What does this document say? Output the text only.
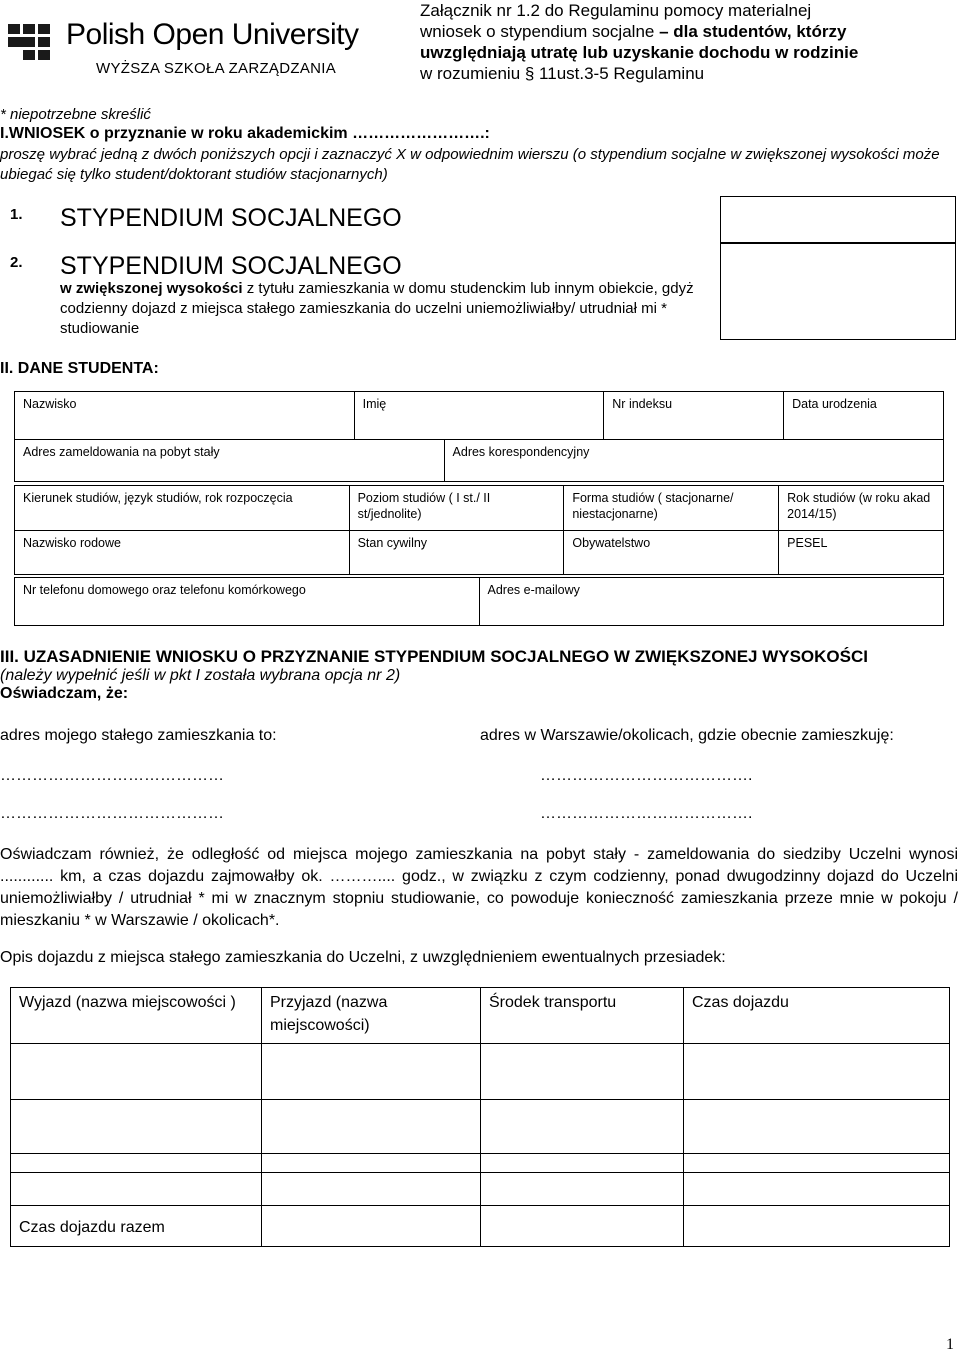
Polish Open University
WYŻSZA SZKOŁA ZARZĄDZANIA
Załącznik nr 1.2 do Regulaminu pomocy materialnej
wniosek o stypendium socjalne – dla studentów, którzy
uwzględniają utratę lub uzyskanie dochodu w rodzinie
w rozumieniu § 11ust.3-5 Regulaminu
* niepotrzebne skreślić
I.WNIOSEK o przyznanie w roku akademickim …………………….:
proszę wybrać jedną z dwóch poniższych opcji i zaznaczyć X w odpowiednim wierszu (o stypendium socjalne w zwiększonej wysokości może ubiegać się tylko student/doktorant studiów stacjonarnych)
1. STYPENDIUM SOCJALNEGO
2. STYPENDIUM SOCJALNEGO
w zwiększonej wysokości z tytułu zamieszkania w domu studenckim lub innym obiekcie, gdyż codzienny dojazd z miejsca stałego zamieszkania do uczelni uniemożliwiałby/ utrudniał mi * studiowanie
II. DANE STUDENTA:
Nazwisko	Imię	Nr indeksu	Data urodzenia
Adres zameldowania na pobyt stały	Adres korespondencyjny
Kierunek studiów, język studiów, rok rozpoczęcia	Poziom studiów ( I st./ II st/jednolite)	Forma studiów ( stacjonarne/ niestacjonarne)	Rok studiów (w roku akad 2014/15)
Nazwisko rodowe	Stan cywilny	Obywatelstwo	PESEL
Nr telefonu domowego oraz telefonu komórkowego	Adres e-mailowy
III. UZASADNIENIE WNIOSKU O PRZYZNANIE STYPENDIUM SOCJALNEGO W ZWIĘKSZONEJ WYSOKOŚCI
(należy wypełnić jeśli w pkt I została wybrana opcja nr 2)
Oświadczam, że:
adres mojego stałego zamieszkania to:	adres w Warszawie/okolicach, gdzie obecnie zamieszkuję:
……………………………………	………………………………….
……………………………………	………………………………….
Oświadczam również, że odległość od miejsca mojego zamieszkania na pobyt stały - zameldowania do siedziby Uczelni wynosi ............ km, a czas dojazdu zajmowałby ok. ……….... godz., w związku z czym codzienny, ponad dwugodzinny dojazd do Uczelni uniemożliwiałby / utrudniał * mi w znacznym stopniu studiowanie, co powoduje konieczność zamieszkania przeze mnie w pokoju / mieszkaniu * w Warszawie / okolicach*.
Opis dojazdu z miejsca stałego zamieszkania do Uczelni, z uwzględnieniem ewentualnych przesiadek:
Wyjazd (nazwa miejscowości )	Przyjazd (nazwa miejscowości)	Środek transportu	Czas dojazdu

Czas dojazdu razem			
1
